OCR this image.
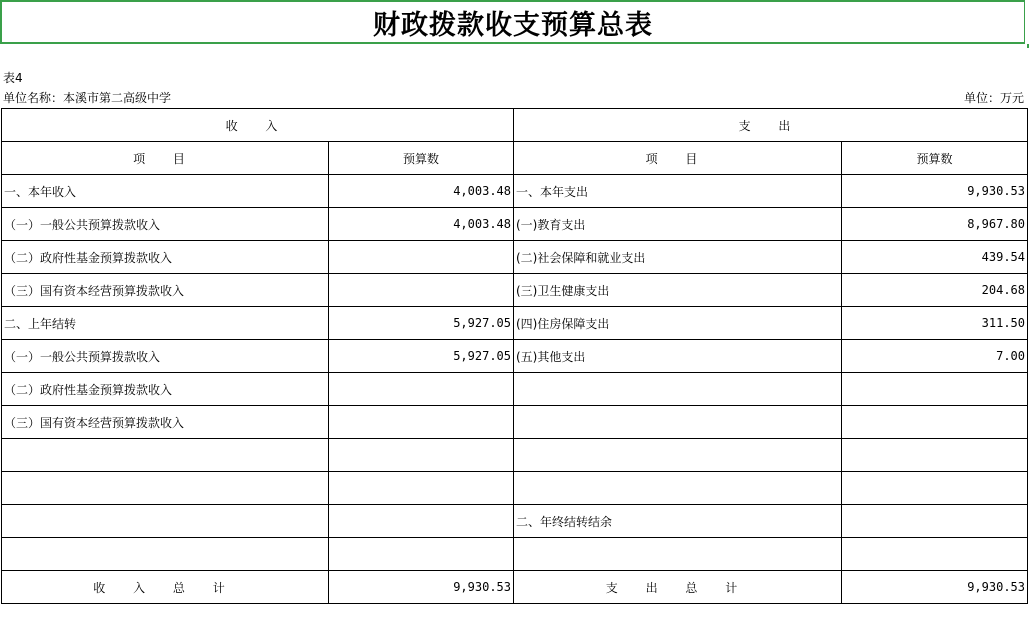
财政拨款收支预算总表
表4
单位名称：本溪市第二高级中学	单位：万元
收 入		支 出	
项 目	预算数	项 目	预算数
一、本年收入	4,003.48	一、本年支出	9,930.53
（一）一般公共预算拨款收入	4,003.48	(一)教育支出	8,967.80
（二）政府性基金预算拨款收入		(二)社会保障和就业支出	439.54
（三）国有资本经营预算拨款收入		(三)卫生健康支出	204.68
二、上年结转	5,927.05	(四)住房保障支出	311.50
（一）一般公共预算拨款收入	5,927.05	(五)其他支出	7.00
（二）政府性基金预算拨款收入			
（三）国有资本经营预算拨款收入			

		二、年终结转结余	

收 入 总 计	9,930.53	支 出 总 计	9,930.53
